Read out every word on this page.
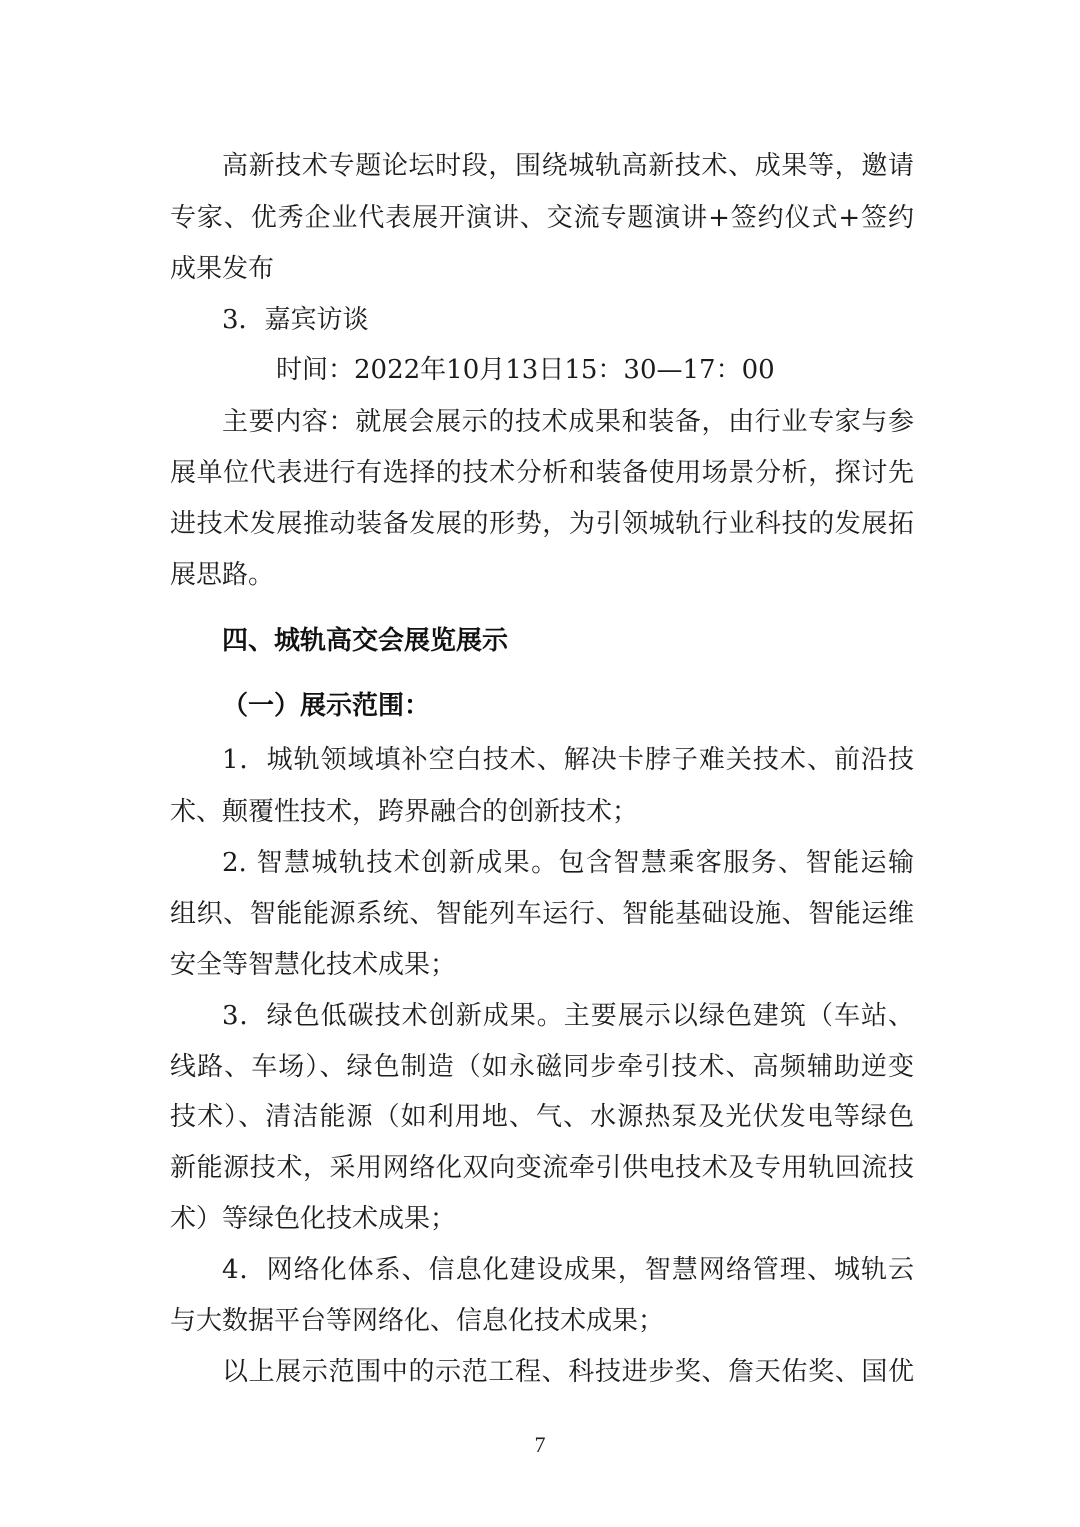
高新技术专题论坛时段，围绕城轨高新技术、成果等，邀请

专家、优秀企业代表展开演讲、交流专题演讲+签约仪式+签约

成果发布

3．嘉宾访谈

时间：2022年10月13日15：30—17：00

主要内容：就展会展示的技术成果和装备，由行业专家与参

展单位代表进行有选择的技术分析和装备使用场景分析，探讨先

进技术发展推动装备发展的形势，为引领城轨行业科技的发展拓

展思路。

四、城轨高交会展览展示

（一）展示范围：

1．城轨领域填补空白技术、解决卡脖子难关技术、前沿技

术、颠覆性技术，跨界融合的创新技术；

2. 智慧城轨技术创新成果。包含智慧乘客服务、智能运输

组织、智能能源系统、智能列车运行、智能基础设施、智能运维

安全等智慧化技术成果；

3．绿色低碳技术创新成果。主要展示以绿色建筑（车站、

线路、车场）、绿色制造（如永磁同步牵引技术、高频辅助逆变

技术）、清洁能源（如利用地、气、水源热泵及光伏发电等绿色

新能源技术，采用网络化双向变流牵引供电技术及专用轨回流技

术）等绿色化技术成果；

4．网络化体系、信息化建设成果，智慧网络管理、城轨云

与大数据平台等网络化、信息化技术成果；

以上展示范围中的示范工程、科技进步奖、詹天佑奖、国优

7
